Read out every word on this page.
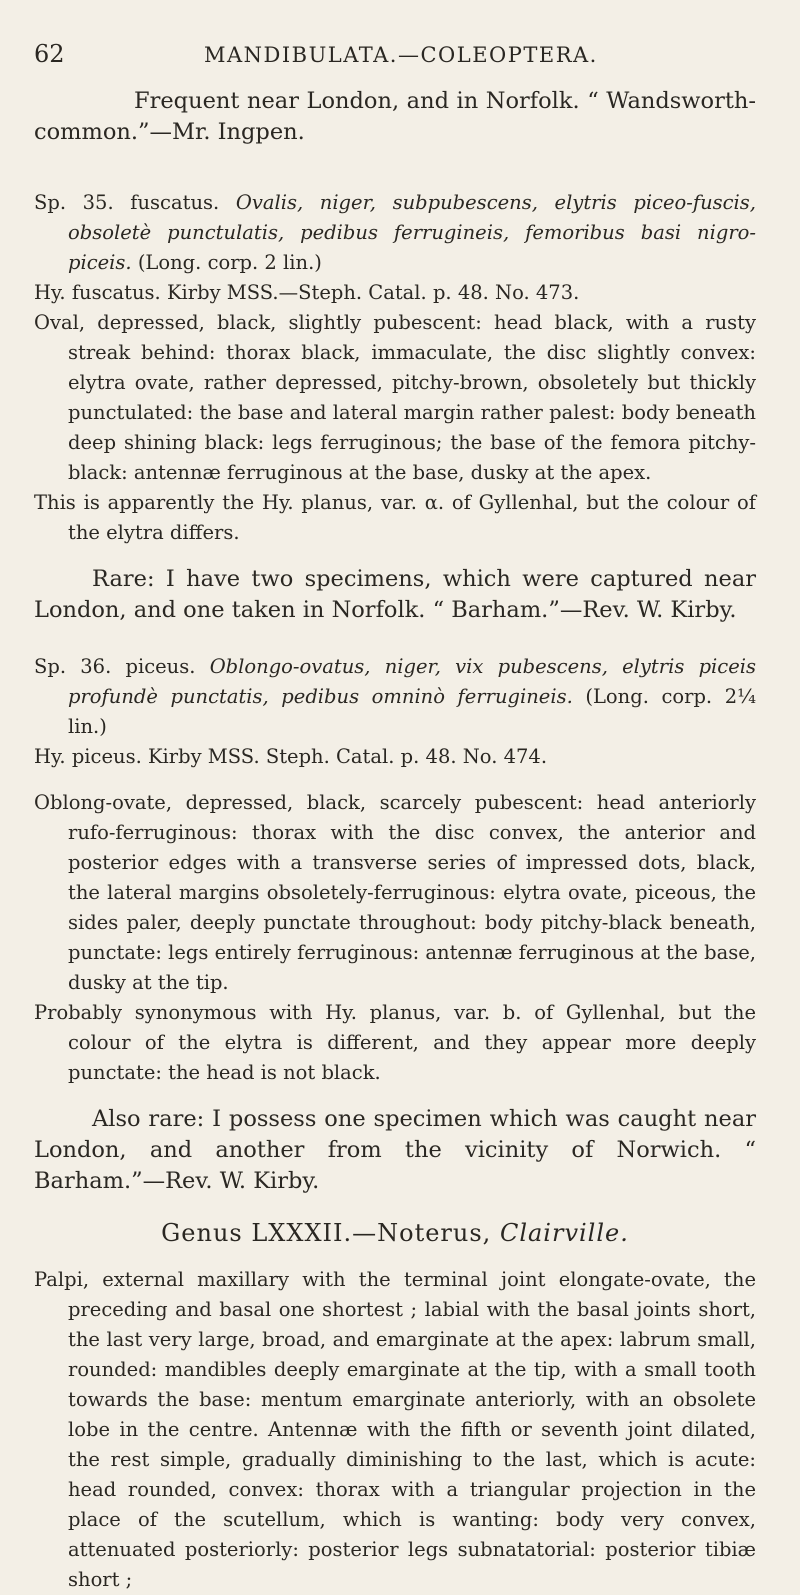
62	MANDIBULATA.—COLEOPTERA.

Frequent near London, and in Norfolk. “ Wandsworth-common.”—Mr. Ingpen.

Sp. 35. fuscatus. Ovalis, niger, subpubescens, elytris piceo-fuscis, obsoletè punctulatis, pedibus ferrugineis, femoribus basi nigro-piceis. (Long. corp. 2 lin.)

Hy. fuscatus. Kirby MSS.—Steph. Catal. p. 48. No. 473.

Oval, depressed, black, slightly pubescent: head black, with a rusty streak behind: thorax black, immaculate, the disc slightly convex: elytra ovate, rather depressed, pitchy-brown, obsoletely but thickly punctulated: the base and lateral margin rather palest: body beneath deep shining black: legs ferruginous; the base of the femora pitchy-black: antennæ ferruginous at the base, dusky at the apex.

This is apparently the Hy. planus, var. α. of Gyllenhal, but the colour of the elytra differs.

Rare: I have two specimens, which were captured near London, and one taken in Norfolk. “ Barham.”—Rev. W. Kirby.

Sp. 36. piceus. Oblongo-ovatus, niger, vix pubescens, elytris piceis profundè punctatis, pedibus omninò ferrugineis. (Long. corp. 2¼ lin.)

Hy. piceus. Kirby MSS. Steph. Catal. p. 48. No. 474.

Oblong-ovate, depressed, black, scarcely pubescent: head anteriorly rufo-ferruginous: thorax with the disc convex, the anterior and posterior edges with a transverse series of impressed dots, black, the lateral margins obsoletely-ferruginous: elytra ovate, piceous, the sides paler, deeply punctate throughout: body pitchy-black beneath, punctate: legs entirely ferruginous: antennæ ferruginous at the base, dusky at the tip.

Probably synonymous with Hy. planus, var. b. of Gyllenhal, but the colour of the elytra is different, and they appear more deeply punctate: the head is not black.

Also rare: I possess one specimen which was caught near London, and another from the vicinity of Norwich. “ Barham.”—Rev. W. Kirby.

Genus LXXXII.—Noterus, Clairville.

Palpi, external maxillary with the terminal joint elongate-ovate, the preceding and basal one shortest ; labial with the basal joints short, the last very large, broad, and emarginate at the apex: labrum small, rounded: mandibles deeply emarginate at the tip, with a small tooth towards the base: mentum emarginate anteriorly, with an obsolete lobe in the centre. Antennæ with the fifth or seventh joint dilated, the rest simple, gradually diminishing to the last, which is acute: head rounded, convex: thorax with a triangular projection in the place of the scutellum, which is wanting: body very convex, attenuated posteriorly: posterior legs subnatatorial: posterior tibiæ short ;
